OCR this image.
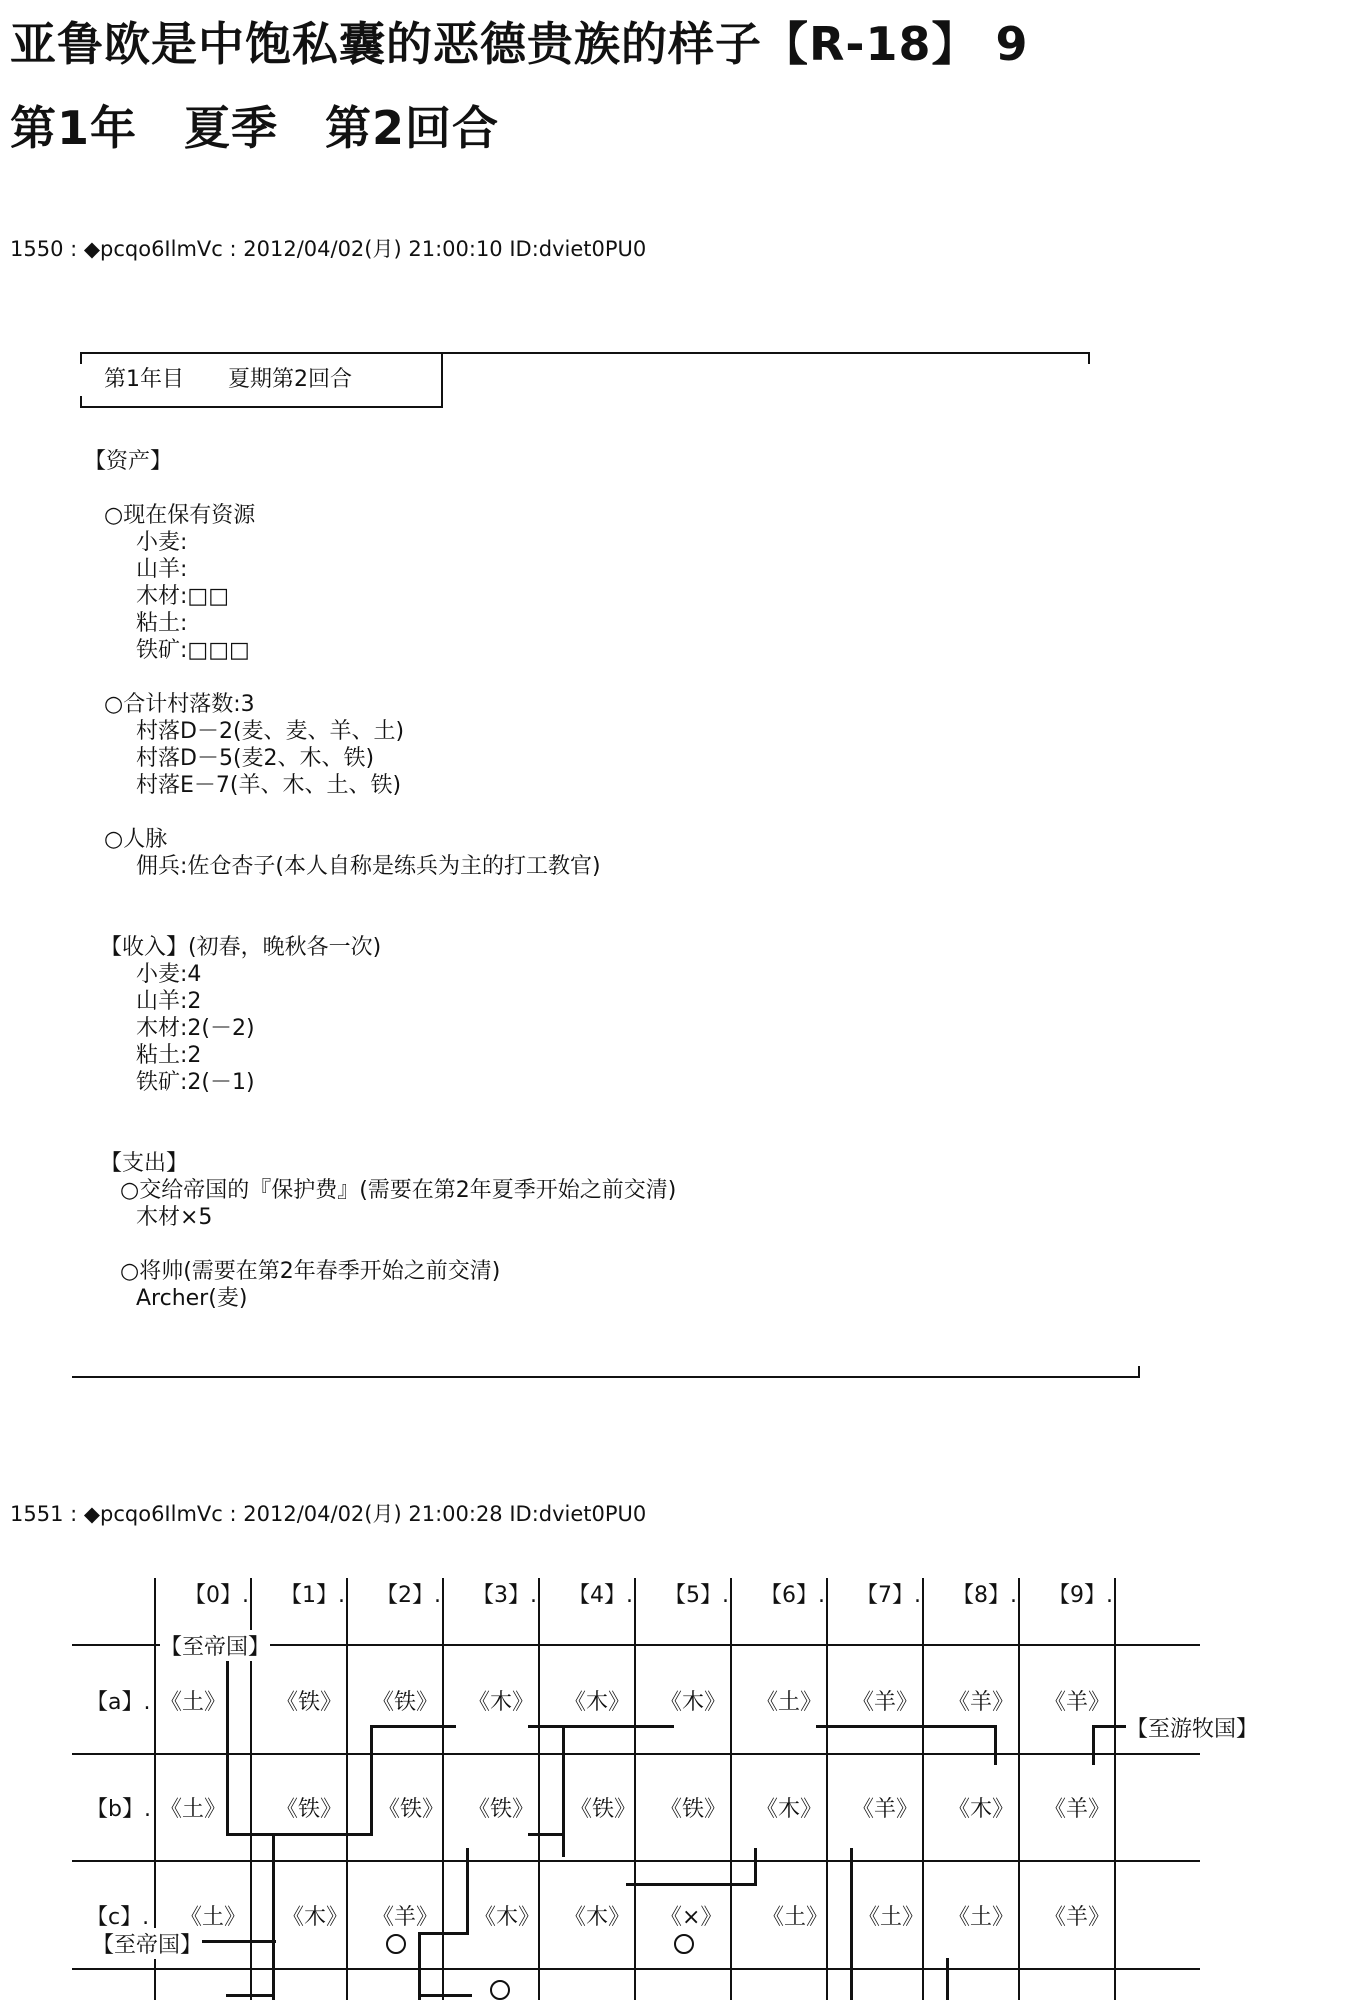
亚鲁欧是中饱私囊的恶德贵族的样子【R-18】 9
第1年　夏季　第2回合
1550 : ◆pcqo6IlmVc : 2012/04/02(月) 21:00:10 ID:dviet0PU0
第1年目　　夏期第2回合
【资产】
○现在保有资源
小麦:
山羊:
木材:□□
粘土:
铁矿:□□□
○合计村落数:3
村落D－2(麦、麦、羊、土)
村落D－5(麦2、木、铁)
村落E－7(羊、木、土、铁)
○人脉
佣兵:佐仓杏子(本人自称是练兵为主的打工教官)
【收入】(初春，晚秋各一次)
小麦:4
山羊:2
木材:2(－2)
粘土:2
铁矿:2(－1)
【支出】
○交给帝国的『保护费』(需要在第2年夏季开始之前交清)
木材×5
○将帅(需要在第2年春季开始之前交清)
Archer(麦)
1551 : ◆pcqo6IlmVc : 2012/04/02(月) 21:00:28 ID:dviet0PU0
【0】. 【1】. 【2】. 【3】. 【4】. 【5】. 【6】. 【7】. 【8】. 【9】.
【至帝国】
【至游牧国】
【至帝国】
【a】. 《土》 《铁》 《铁》 《木》 《木》 《木》 《土》 《羊》 《羊》 《羊》
【b】. 《土》 《铁》 《铁》 《铁》 《铁》 《铁》 《木》 《羊》 《木》 《羊》
【c】. 《土》 《木》 《羊》 《木》 《木》 《×》 《土》 《土》 《土》 《羊》
